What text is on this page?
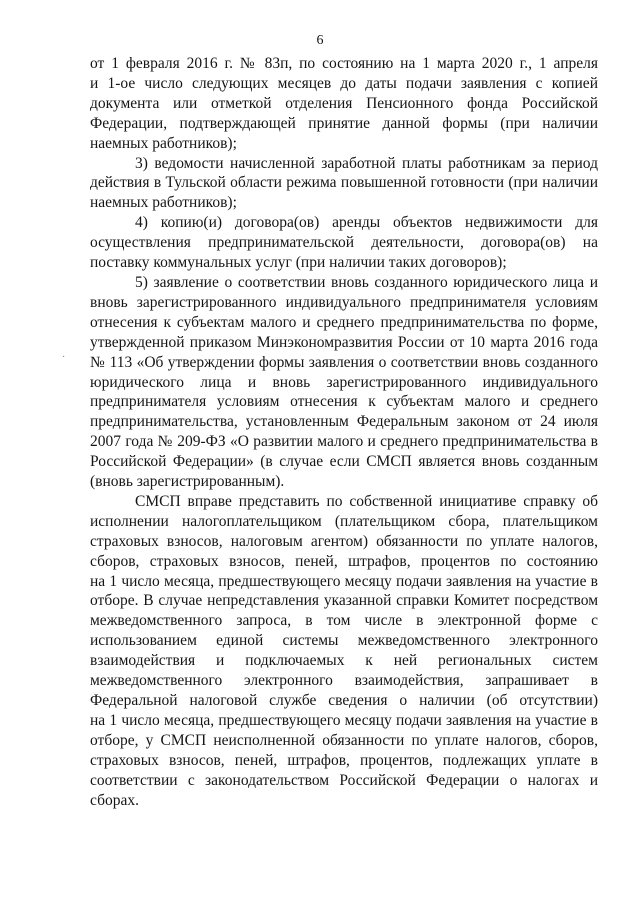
6
от 1 февраля 2016 г. № 83п, по состоянию на 1 марта 2020 г., 1 апреля
и 1-ое число следующих месяцев до даты подачи заявления с копией
документа или отметкой отделения Пенсионного фонда Российской
Федерации, подтверждающей принятие данной формы (при наличии
наемных работников);
3) ведомости начисленной заработной платы работникам за период
действия в Тульской области режима повышенной готовности (при наличии
наемных работников);
4) копию(и) договора(ов) аренды объектов недвижимости для
осуществления предпринимательской деятельности, договора(ов) на
поставку коммунальных услуг (при наличии таких договоров);
5) заявление о соответствии вновь созданного юридического лица и
вновь зарегистрированного индивидуального предпринимателя условиям
отнесения к субъектам малого и среднего предпринимательства по форме,
утвержденной приказом Минэкономразвития России от 10 марта 2016 года
№ 113 «Об утверждении формы заявления о соответствии вновь созданного
юридического лица и вновь зарегистрированного индивидуального
предпринимателя условиям отнесения к субъектам малого и среднего
предпринимательства, установленным Федеральным законом от 24 июля
2007 года № 209-ФЗ «О развитии малого и среднего предпринимательства в
Российской Федерации» (в случае если СМСП является вновь созданным
(вновь зарегистрированным).
СМСП вправе представить по собственной инициативе справку об
исполнении налогоплательщиком (плательщиком сбора, плательщиком
страховых взносов, налоговым агентом) обязанности по уплате налогов,
сборов, страховых взносов, пеней, штрафов, процентов по состоянию
на 1 число месяца, предшествующего месяцу подачи заявления на участие в
отборе. В случае непредставления указанной справки Комитет посредством
межведомственного запроса, в том числе в электронной форме с
использованием единой системы межведомственного электронного
взаимодействия и подключаемых к ней региональных систем
межведомственного электронного взаимодействия, запрашивает в
Федеральной налоговой службе сведения о наличии (об отсутствии)
на 1 число месяца, предшествующего месяцу подачи заявления на участие в
отборе, у СМСП неисполненной обязанности по уплате налогов, сборов,
страховых взносов, пеней, штрафов, процентов, подлежащих уплате в
соответствии с законодательством Российской Федерации о налогах и
сборах.
·
